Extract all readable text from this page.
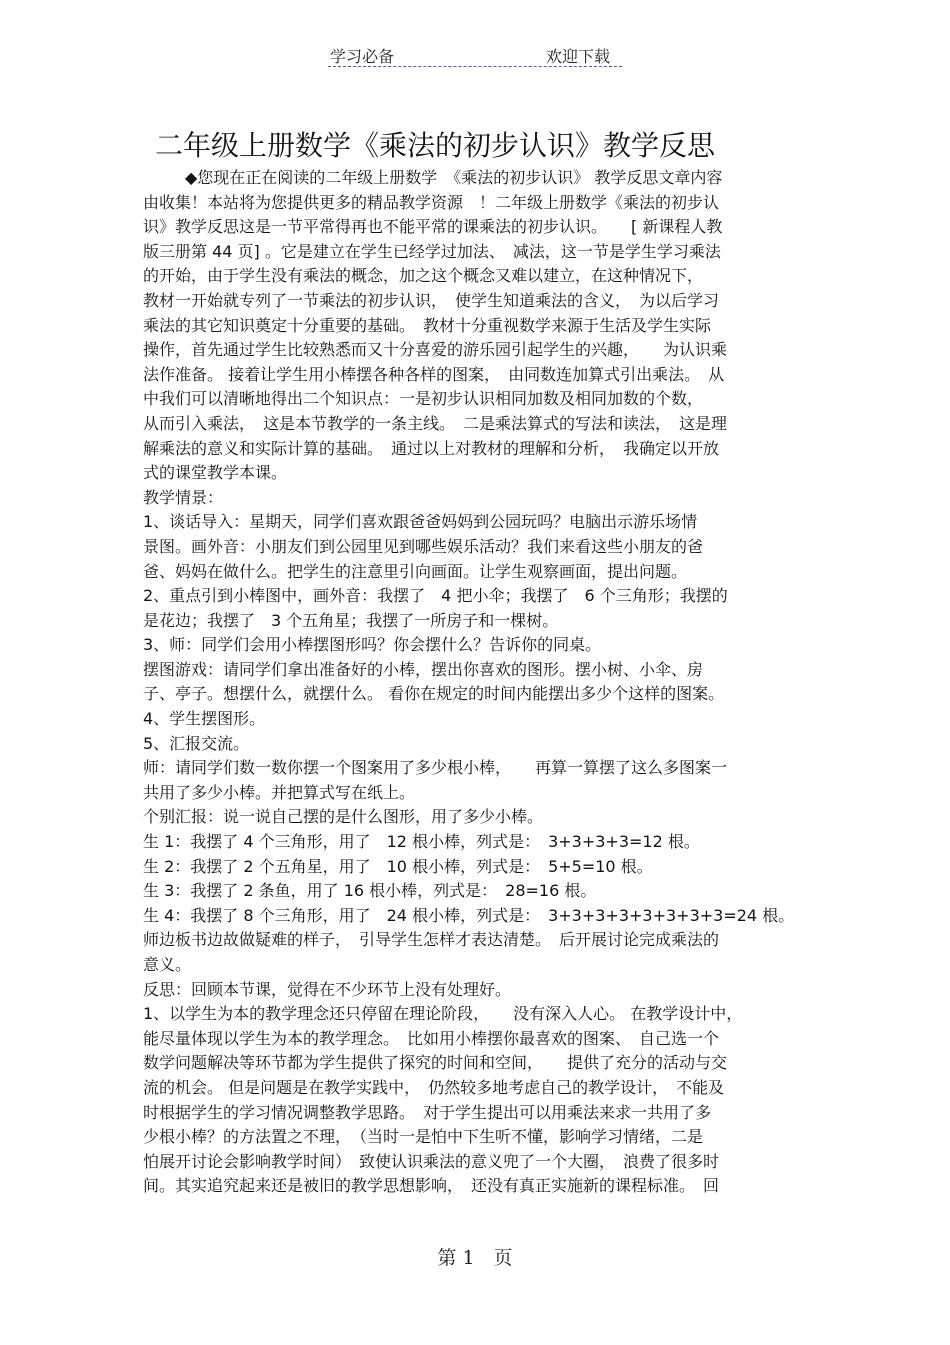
学习必备	欢迎下载
二年级上册数学《乘法的初步认识》教学反思
◆您现在正在阅读的二年级上册数学　《乘法的初步认识》 教学反思文章内容
由收集！本站将为您提供更多的精品教学资源　！二年级上册数学《乘法的初步认
识》教学反思这是一节平常得再也不能平常的课乘法的初步认识。　　[ 新课程人教
版三册第 44 页] 。它是建立在学生已经学过加法、　减法，这一节是学生学习乘法
的开始，由于学生没有乘法的概念，加之这个概念又难以建立，在这种情况下，
教材一开始就专列了一节乘法的初步认识，　使学生知道乘法的含义，　为以后学习
乘法的其它知识奠定十分重要的基础。　教材十分重视数学来源于生活及学生实际
操作，首先通过学生比较熟悉而又十分喜爱的游乐园引起学生的兴趣，　　为认识乘
法作准备。 接着让学生用小棒摆各种各样的图案，　由同数连加算式引出乘法。　从
中我们可以清晰地得出二个知识点：一是初步认识相同加数及相同加数的个数，
从而引入乘法，　这是本节教学的一条主线。　二是乘法算式的写法和读法，　这是理
解乘法的意义和实际计算的基础。　通过以上对教材的理解和分析，　我确定以开放
式的课堂教学本课。
教学情景：
1、谈话导入：星期天，同学们喜欢跟爸爸妈妈到公园玩吗？电脑出示游乐场情
景图。画外音：小朋友们到公园里见到哪些娱乐活动？我们来看这些小朋友的爸
爸、妈妈在做什么。把学生的注意里引向画面。让学生观察画面，提出问题。
2、重点引到小棒图中，画外音：我摆了　4 把小伞；我摆了　6 个三角形；我摆的
是花边；我摆了　3 个五角星；我摆了一所房子和一棵树。
3、师：同学们会用小棒摆图形吗？你会摆什么？告诉你的同桌。
摆图游戏：请同学们拿出准备好的小棒，摆出你喜欢的图形。摆小树、小伞、房
子、亭子。想摆什么，就摆什么。 看你在规定的时间内能摆出多少个这样的图案。
4、学生摆图形。
5、汇报交流。
师：请同学们数一数你摆一个图案用了多少根小棒，　　再算一算摆了这么多图案一
共用了多少小棒。并把算式写在纸上。
个别汇报：说一说自己摆的是什么图形，用了多少小棒。
生 1：我摆了 4 个三角形，用了　12 根小棒，列式是：　3+3+3+3=12 根。
生 2：我摆了 2 个五角星，用了　10 根小棒，列式是：　5+5=10 根。
生 3：我摆了 2 条鱼，用了 16 根小棒，列式是：　28=16 根。
生 4：我摆了 8 个三角形，用了　24 根小棒，列式是：　3+3+3+3+3+3+3+3=24 根。
师边板书边故做疑难的样子，　引导学生怎样才表达清楚。　后开展讨论完成乘法的
意义。
反思：回顾本节课，觉得在不少环节上没有处理好。
1、以学生为本的教学理念还只停留在理论阶段，　　没有深入人心。 在教学设计中，
能尽量体现以学生为本的教学理念。　比如用小棒摆你最喜欢的图案、　自己选一个
数学问题解决等环节都为学生提供了探究的时间和空间，　　提供了充分的活动与交
流的机会。 但是问题是在教学实践中，　仍然较多地考虑自己的教学设计，　不能及
时根据学生的学习情况调整教学思路。　对于学生提出可以用乘法来求一共用了多
少根小棒？的方法置之不理，　（当时一是怕中下生听不懂，影响学习情绪，二是
怕展开讨论会影响教学时间）　致使认识乘法的意义兜了一个大圈，　浪费了很多时
间。其实追究起来还是被旧的教学思想影响，　还没有真正实施新的课程标准。　回
第 1　页
